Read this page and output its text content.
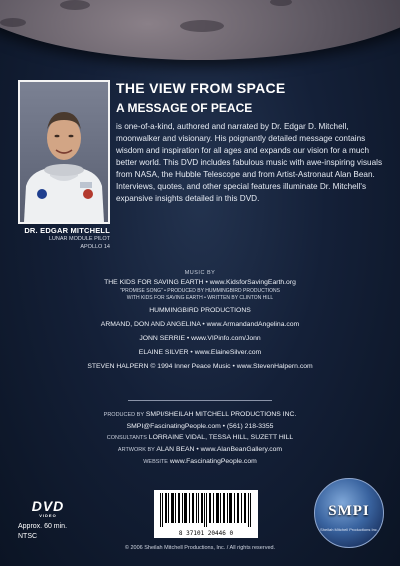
DR. EDGAR MITCHELL
LUNAR MODULE PILOT
APOLLO 14
THE VIEW FROM SPACE
A MESSAGE OF PEACE
is one-of-a-kind, authored and narrated by Dr. Edgar D. Mitchell, moonwalker and visionary. His poignantly detailed message contains wisdom and inspiration for all ages and expands our vision for a much better world. This DVD includes fabulous music with awe-inspiring visuals from NASA, the Hubble Telescope and from Artist-Astronaut Alan Bean. Interviews, quotes, and other special features illuminate Dr. Mitchell's expansive insights detailed in this DVD.
MUSIC BY
THE KIDS FOR SAVING EARTH • www.KidsforSavingEarth.org
"PROMISE SONG" • PRODUCED BY HUMMINGBIRD PRODUCTIONS
WITH KIDS FOR SAVING EARTH • WRITTEN BY CLINTON HILL
HUMMINGBIRD PRODUCTIONS
ARMAND, DON AND ANGELINA • www.ArmandandAngelina.com
JONN SERRIE • www.VIPinfo.com/Jonn
ELAINE SILVER • www.ElaineSilver.com
STEVEN HALPERN © 1994 Inner Peace Music • www.StevenHalpern.com
PRODUCED BY SMPI/SHEILAH MITCHELL PRODUCTIONS INC.
SMPI@FascinatingPeople.com • (561) 218-3355
CONSULTANTS LORRAINE VIDAL, TESSA HILL, SUZETT HILL
ARTWORK BY ALAN BEAN • www.AlanBeanGallery.com
WEBSITE www.FascinatingPeople.com
DVD
VIDEO
Approx. 60 min.
NTSC	8 37101 20446 0
SMPI
Sheilah Mitchell Productions Inc.
© 2006 Sheilah Mitchell Productions, Inc. / All rights reserved.
